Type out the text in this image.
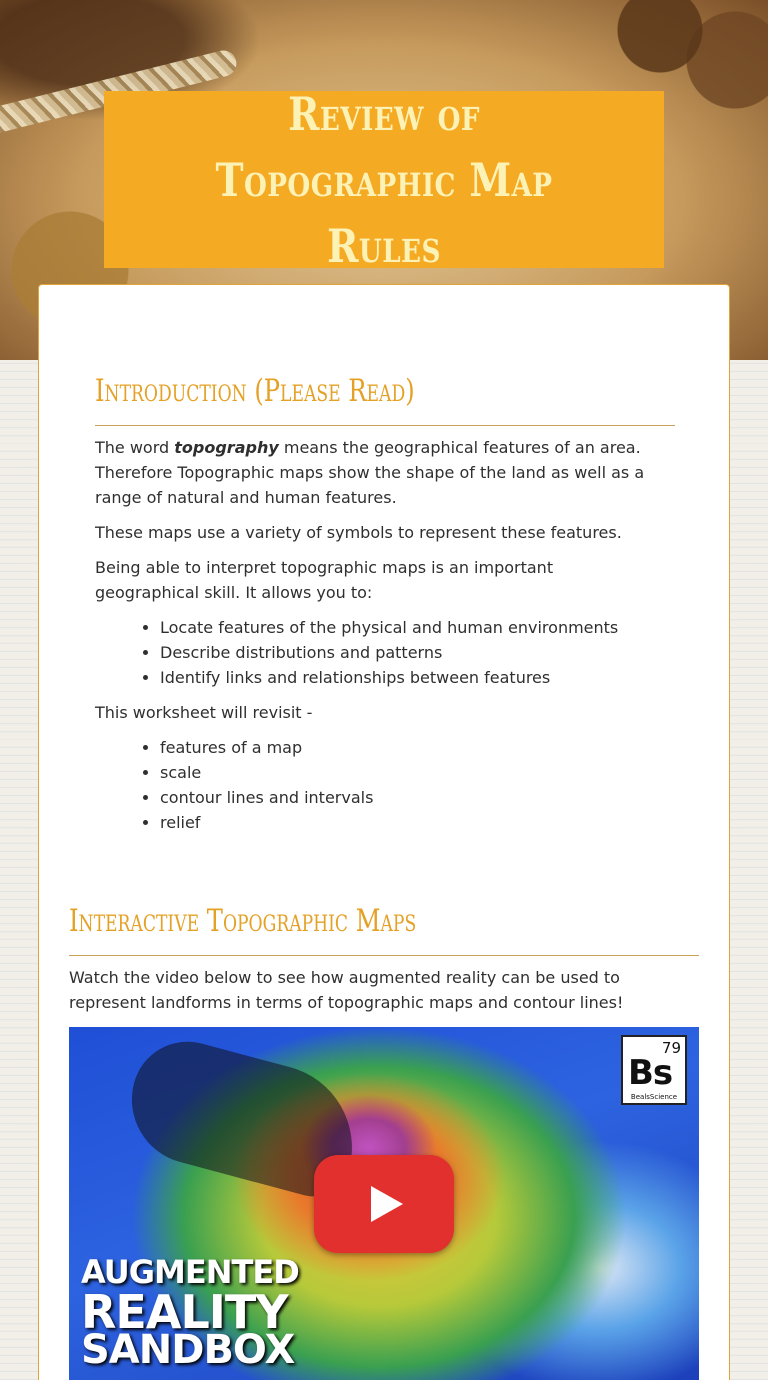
Review of Topographic Map Rules
Introduction (Please Read)

The word topography means the geographical features of an area. Therefore Topographic maps show the shape of the land as well as a range of natural and human features.

These maps use a variety of symbols to represent these features.

Being able to interpret topographic maps is an important geographical skill. It allows you to:

• Locate features of the physical and human environments
• Describe distributions and patterns
• Identify links and relationships between features

This worksheet will revisit -

• features of a map
• scale
• contour lines and intervals
• relief
Interactive Topographic Maps

Watch the video below to see how augmented reality can be used to represent landforms in terms of topographic maps and contour lines!

79
Bs
BealsScience
AUGMENTED
REALITY
SANDBOX
